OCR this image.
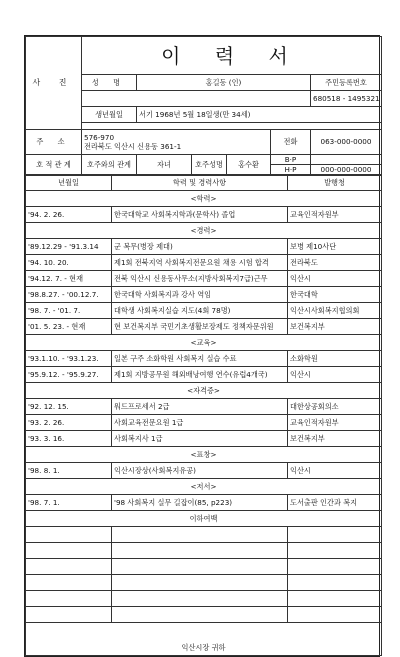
사 진	이 력 서					
	성 명	홍길동 (인)				주민등록번호
						680518 - 1495321
	생년월일	서기 1968년 5월 18일생(만 34세)				

주 소	576-970
전라북도 익산시 신용동 361-1				전화	063-000-0000
호 적 관 계	호주와의 관계	자녀	호주성명	홍수환	B·P	
					H·P	000-000-0000
년월일	학력 및 경력사항	발행청
<학력>		
'94. 2. 26.	한국대학교 사회복지학과(문학사) 졸업	교육인적자원부
<경력>		
'89.12.29 - '91.3.14	군 복무(병장 제대)	보병 제10사단
'94. 10. 20.	제1회 전북지역 사회복지전문요원 채용 시험 합격	전라북도
'94.12. 7. - 현재	전북 익산시 신용동사무소(지방사회복지7급)근무	익산시
'98.8.27. - '00.12.7.	한국대학 사회복지과 강사 역임	한국대학
'98. 7. - '01. 7.	대학생 사회복지실습 지도(4회 78명)	익산시사회복지협의회
'01. 5. 23. - 현재	현 보건복지부 국민기초생활보장제도 정책자문위원	보건복지부
<교육>		
'93.1.10. - '93.1.23.	일본 구주 소화학원 사회복지 실습 수료	소화학원
'95.9.12. - '95.9.27.	제1회 지방공무원 해외배낭여행 연수(유럽4개국)	익산시
<자격증>		
'92. 12. 15.	워드프로세서 2급	대한상공회의소
'93. 2. 26.	사회교육전문요원 1급	교육인적자원부
'93. 3. 16.	사회복지사 1급	보건복지부
<표창>		
'98. 8. 1.	익산시장상(사회복지유공)	익산시
<저서>		
'98. 7. 1.	'98 사회복지 실무 길잡이(85, p223)	도서출판 인간과 복지
이하여백		

익산시장 귀하		
